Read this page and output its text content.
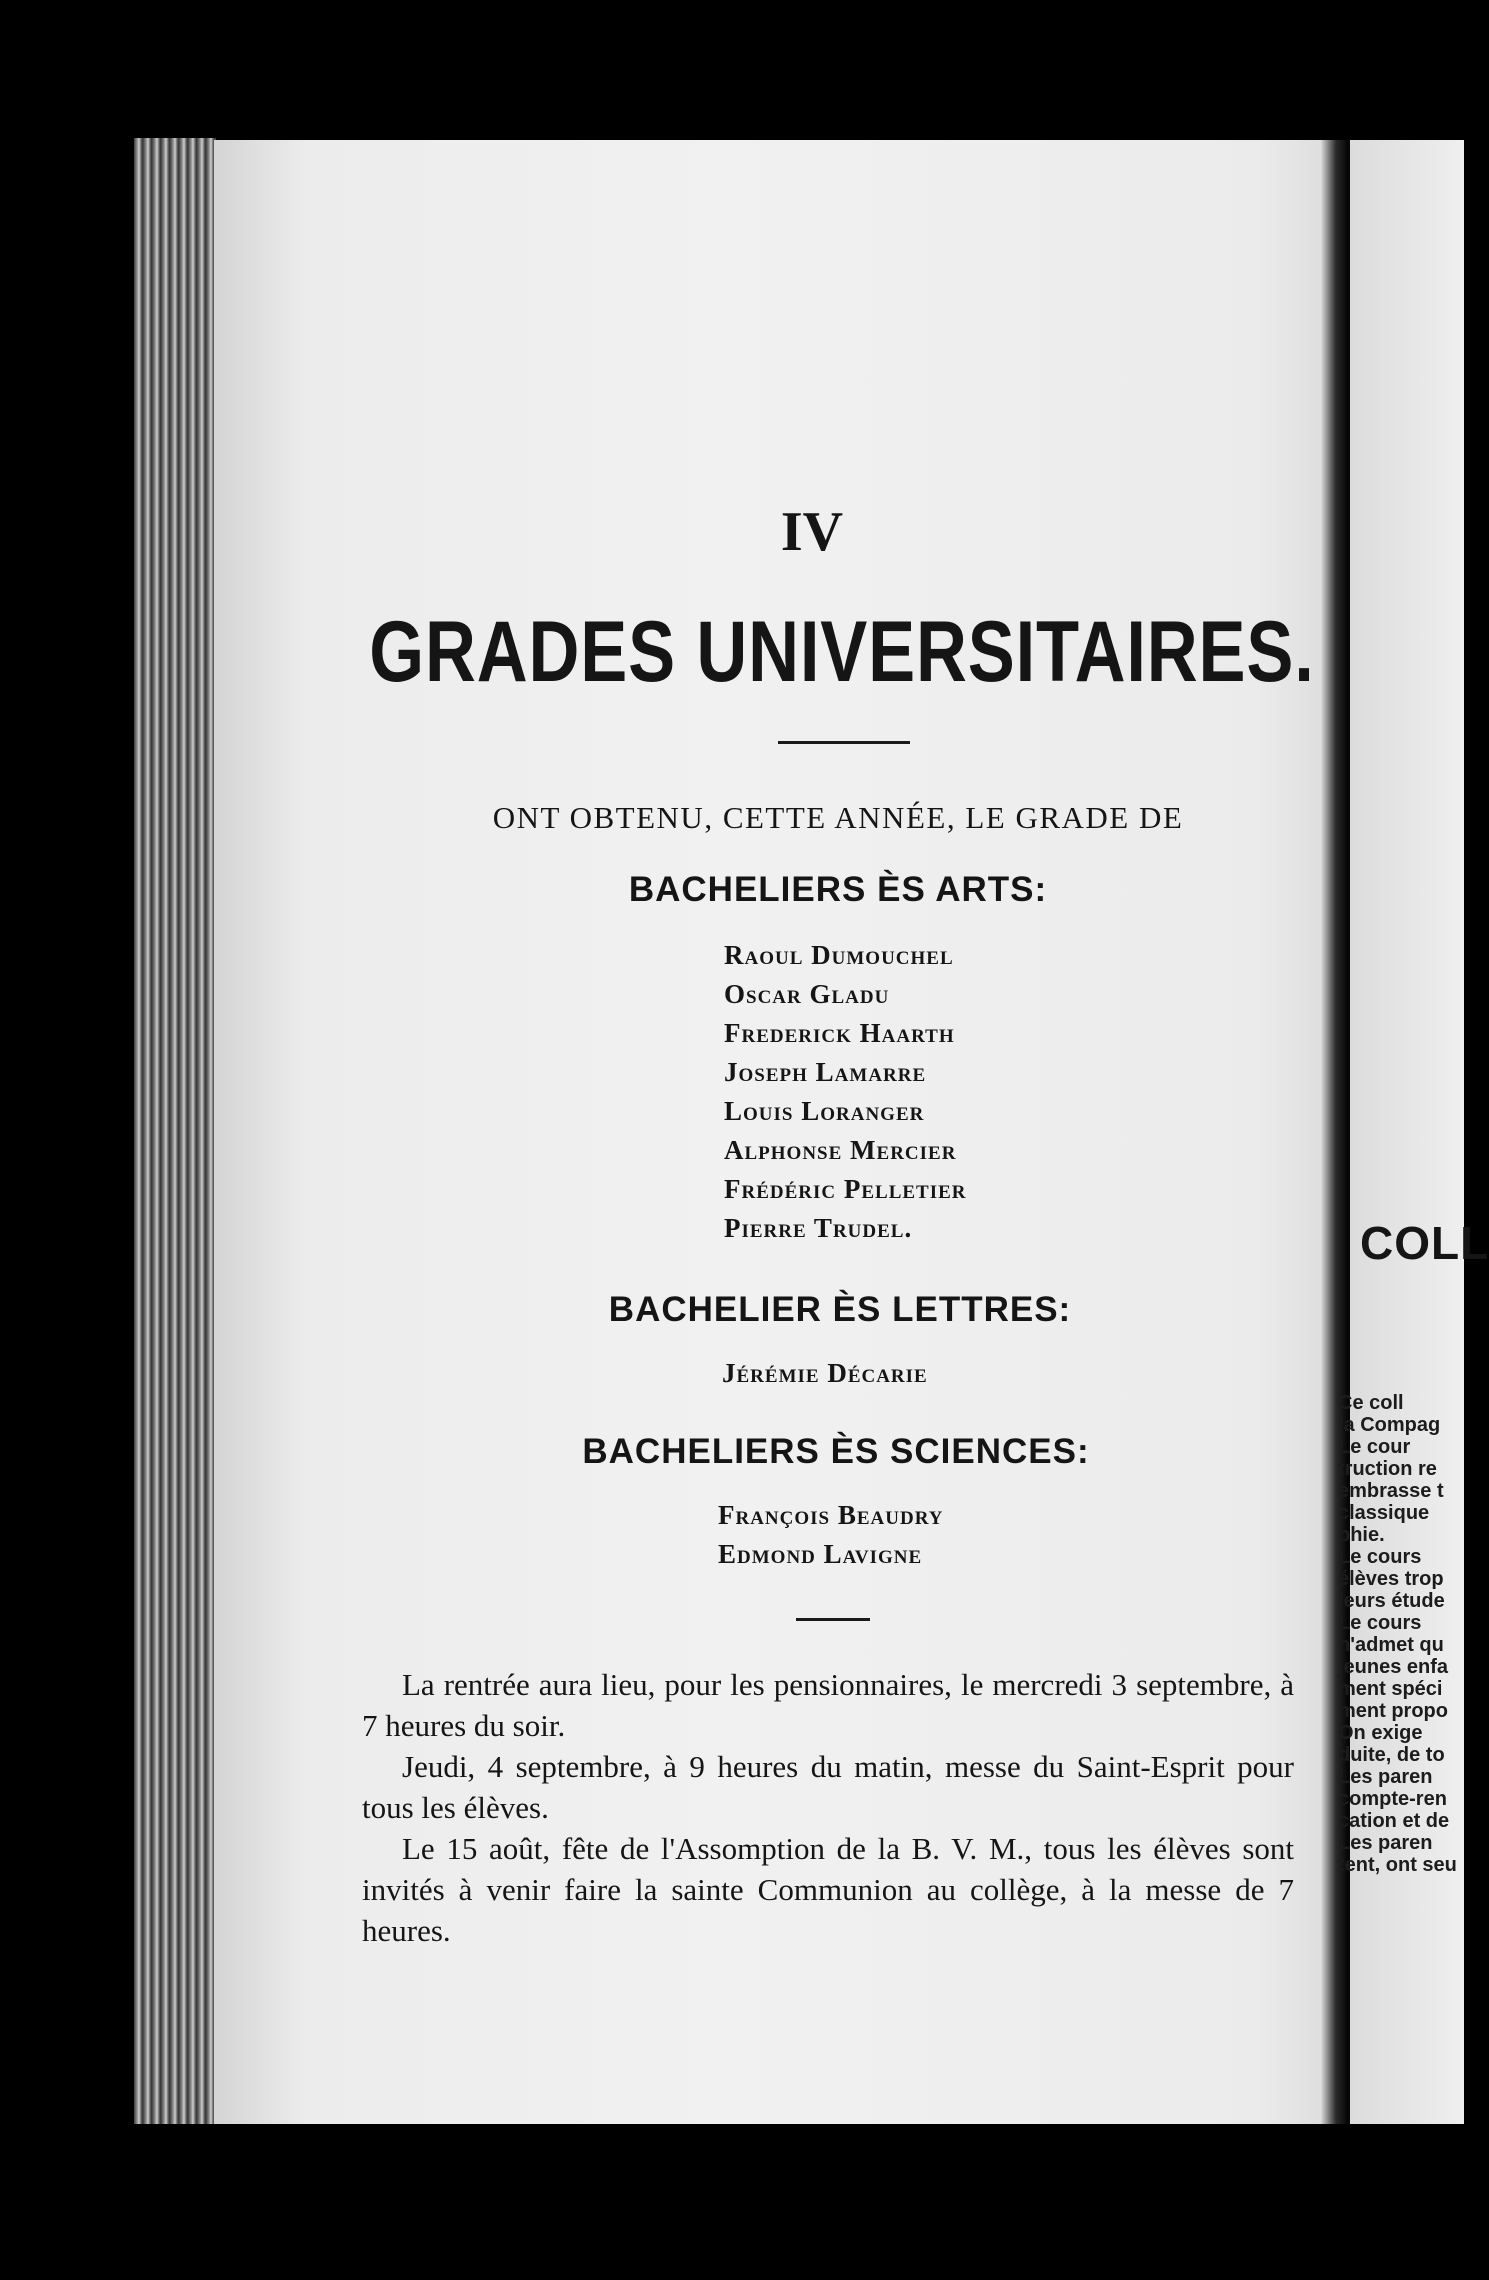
IV
GRADES UNIVERSITAIRES.
ONT OBTENU, CETTE ANNÉE, LE GRADE DE
BACHELIERS ÈS ARTS:
Raoul Dumouchel
Oscar Gladu
Frederick Haarth
Joseph Lamarre
Louis Loranger
Alphonse Mercier
Frédéric Pelletier
Pierre Trudel.
BACHELIER ÈS LETTRES:
Jérémie Décarie
BACHELIERS ÈS SCIENCES:
François Beaudry
Edmond Lavigne

La rentrée aura lieu, pour les pensionnaires, le mercredi 3 septembre, à 7 heures du soir.

Jeudi, 4 septembre, à 9 heures du matin, messe du Saint-Esprit pour tous les élèves.

Le 15 août, fête de l'Assomption de la B. V. M., tous les élèves sont invités à venir faire la sainte Communion au collège, à la messe de 7 heures.

COLL
Ce coll
la Compag
Le cour
truction re
embrasse t
classique
phie.
Le cours
élèves trop
leurs étude
Le cours
n'admet qu
jeunes enfa
ment spéci
ment propo
On exige
duite, de to
Les paren
compte-ren
cation et de
Les paren
tent, ont seu
